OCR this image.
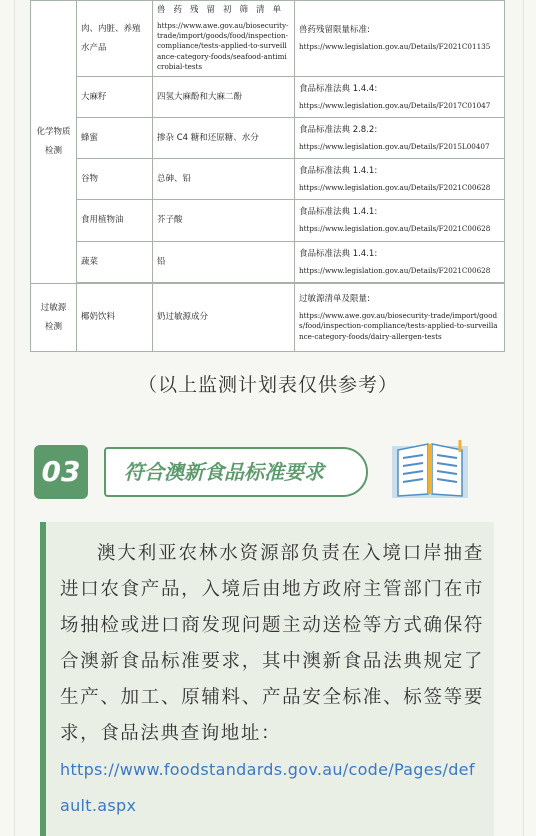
化学物质
检测	肉、内脏、养殖水产品	兽药残留初筛清单
https://www.awe.gov.au/biosecurity-trade/import/goods/food/inspection-compliance/tests-applied-to-surveillance-category-foods/seafood-antimicrobial-tests	兽药残留限量标准:
https://www.legislation.gov.au/Details/F2021C01135

	大麻籽	四氢大麻酚和大麻二酚	食品标准法典 1.4.4:
https://www.legislation.gov.au/Details/F2017C01047

	蜂蜜	掺杂 C4 糖和还原糖、水分	食品标准法典 2.8.2:
https://www.legislation.gov.au/Details/F2015L00407

	谷物	总砷、铅	食品标准法典 1.4.1:
https://www.legislation.gov.au/Details/F2021C00628

	食用植物油	芥子酸	食品标准法典 1.4.1:
https://www.legislation.gov.au/Details/F2021C00628

	蔬菜	铅	食品标准法典 1.4.1:
https://www.legislation.gov.au/Details/F2021C00628

过敏源
检测	椰奶饮料	奶过敏源成分	过敏源清单及限量:
https://www.awe.gov.au/biosecurity-trade/import/goods/food/inspection-compliance/tests-applied-to-surveillance-category-foods/dairy-allergen-tests
（以上监测计划表仅供参考）
03	符合澳新食品标准要求

澳大利亚农林水资源部负责在入境口岸抽查进口农食产品，入境后由地方政府主管部门在市场抽检或进口商发现问题主动送检等方式确保符合澳新食品标准要求，其中澳新食品法典规定了生产、加工、原辅料、产品安全标准、标签等要求，食品法典查询地址：

https://www.foodstandards.gov.au/code/Pages/default.aspx
